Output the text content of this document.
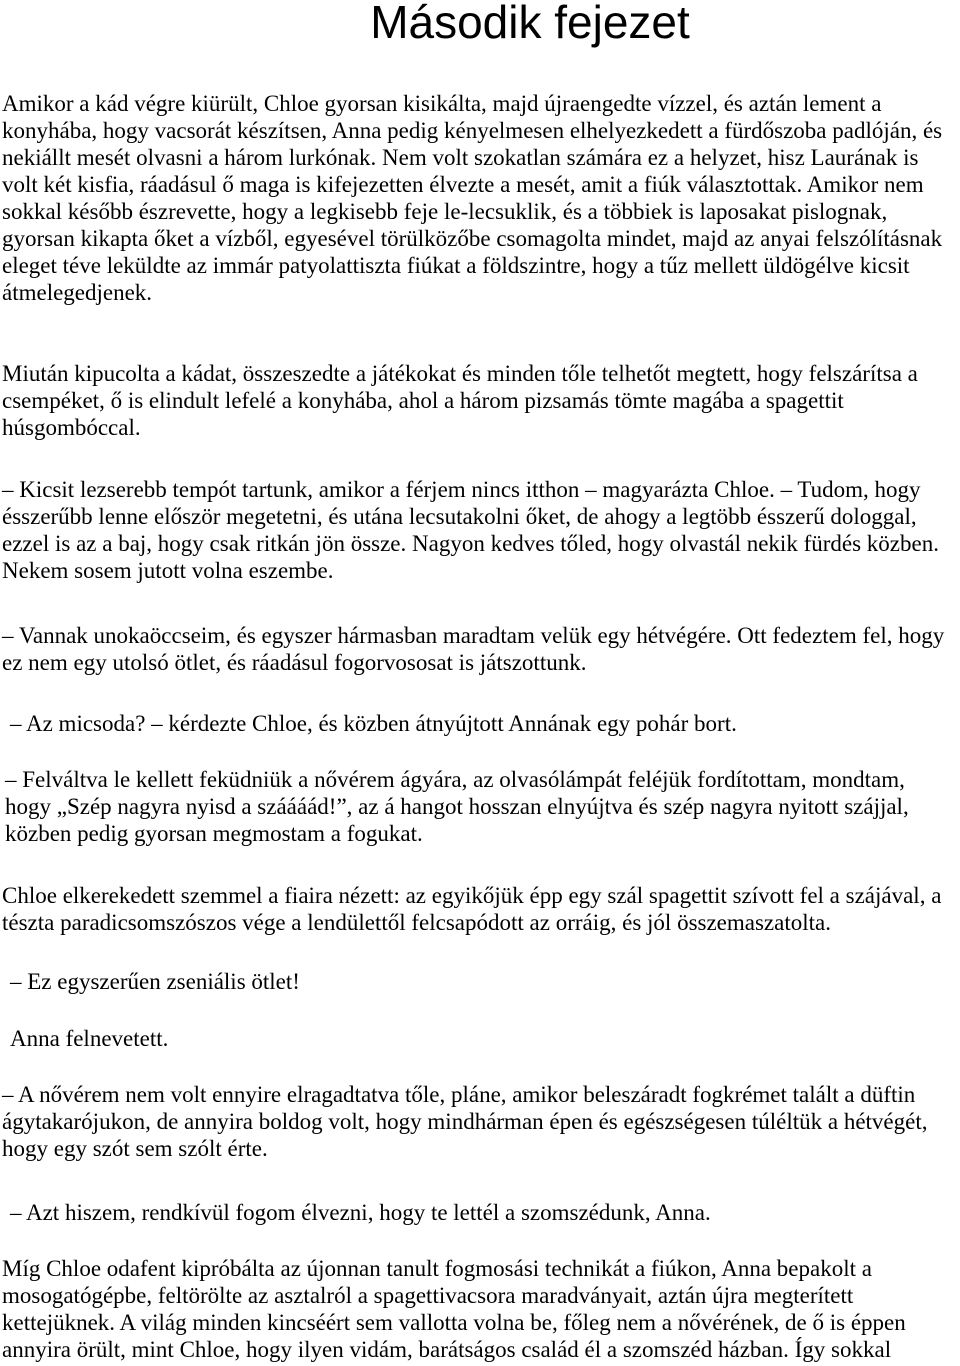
Második fejezet
Amikor a kád végre kiürült, Chloe gyorsan kisikálta, majd újraengedte vízzel, és aztán lement a
konyhába, hogy vacsorát készítsen, Anna pedig kényelmesen elhelyezkedett a fürdőszoba padlóján, és
nekiállt mesét olvasni a három lurkónak. Nem volt szokatlan számára ez a helyzet, hisz Laurának is
volt két kisfia, ráadásul ő maga is kifejezetten élvezte a mesét, amit a fiúk választottak. Amikor nem
sokkal később észrevette, hogy a legkisebb feje le-lecsuklik, és a többiek is laposakat pislognak,
gyorsan kikapta őket a vízből, egyesével törülközőbe csomagolta mindet, majd az anyai felszólításnak
eleget téve leküldte az immár patyolattiszta fiúkat a földszintre, hogy a tűz mellett üldögélve kicsit
átmelegedjenek.
Miután kipucolta a kádat, összeszedte a játékokat és minden tőle telhetőt megtett, hogy felszárítsa a
csempéket, ő is elindult lefelé a konyhába, ahol a három pizsamás tömte magába a spagettit
húsgombóccal.
– Kicsit lezserebb tempót tartunk, amikor a férjem nincs itthon – magyarázta Chloe. – Tudom, hogy
ésszerűbb lenne először megetetni, és utána lecsutakolni őket, de ahogy a legtöbb ésszerű dologgal,
ezzel is az a baj, hogy csak ritkán jön össze. Nagyon kedves tőled, hogy olvastál nekik fürdés közben.
Nekem sosem jutott volna eszembe.
– Vannak unokaöccseim, és egyszer hármasban maradtam velük egy hétvégére. Ott fedeztem fel, hogy
ez nem egy utolsó ötlet, és ráadásul fogorvososat is játszottunk.
– Az micsoda? – kérdezte Chloe, és közben átnyújtott Annának egy pohár bort.
– Felváltva le kellett feküdniük a nővérem ágyára, az olvasólámpát feléjük fordítottam, mondtam,
hogy „Szép nagyra nyisd a száááád!”, az á hangot hosszan elnyújtva és szép nagyra nyitott szájjal,
közben pedig gyorsan megmostam a fogukat.
Chloe elkerekedett szemmel a fiaira nézett: az egyikőjük épp egy szál spagettit szívott fel a szájával, a
tészta paradicsomszószos vége a lendülettől felcsapódott az orráig, és jól összemaszatolta.
– Ez egyszerűen zseniális ötlet!
Anna felnevetett.
– A nővérem nem volt ennyire elragadtatva tőle, pláne, amikor beleszáradt fogkrémet talált a düftin
ágytakarójukon, de annyira boldog volt, hogy mindhárman épen és egészségesen túléltük a hétvégét,
hogy egy szót sem szólt érte.
– Azt hiszem, rendkívül fogom élvezni, hogy te lettél a szomszédunk, Anna.
Míg Chloe odafent kipróbálta az újonnan tanult fogmosási technikát a fiúkon, Anna bepakolt a
mosogatógépbe, feltörölte az asztalról a spagettivacsora maradványait, aztán újra megterített
kettejüknek. A világ minden kincséért sem vallotta volna be, főleg nem a nővérének, de ő is éppen
annyira örült, mint Chloe, hogy ilyen vidám, barátságos család él a szomszéd házban. Így sokkal
